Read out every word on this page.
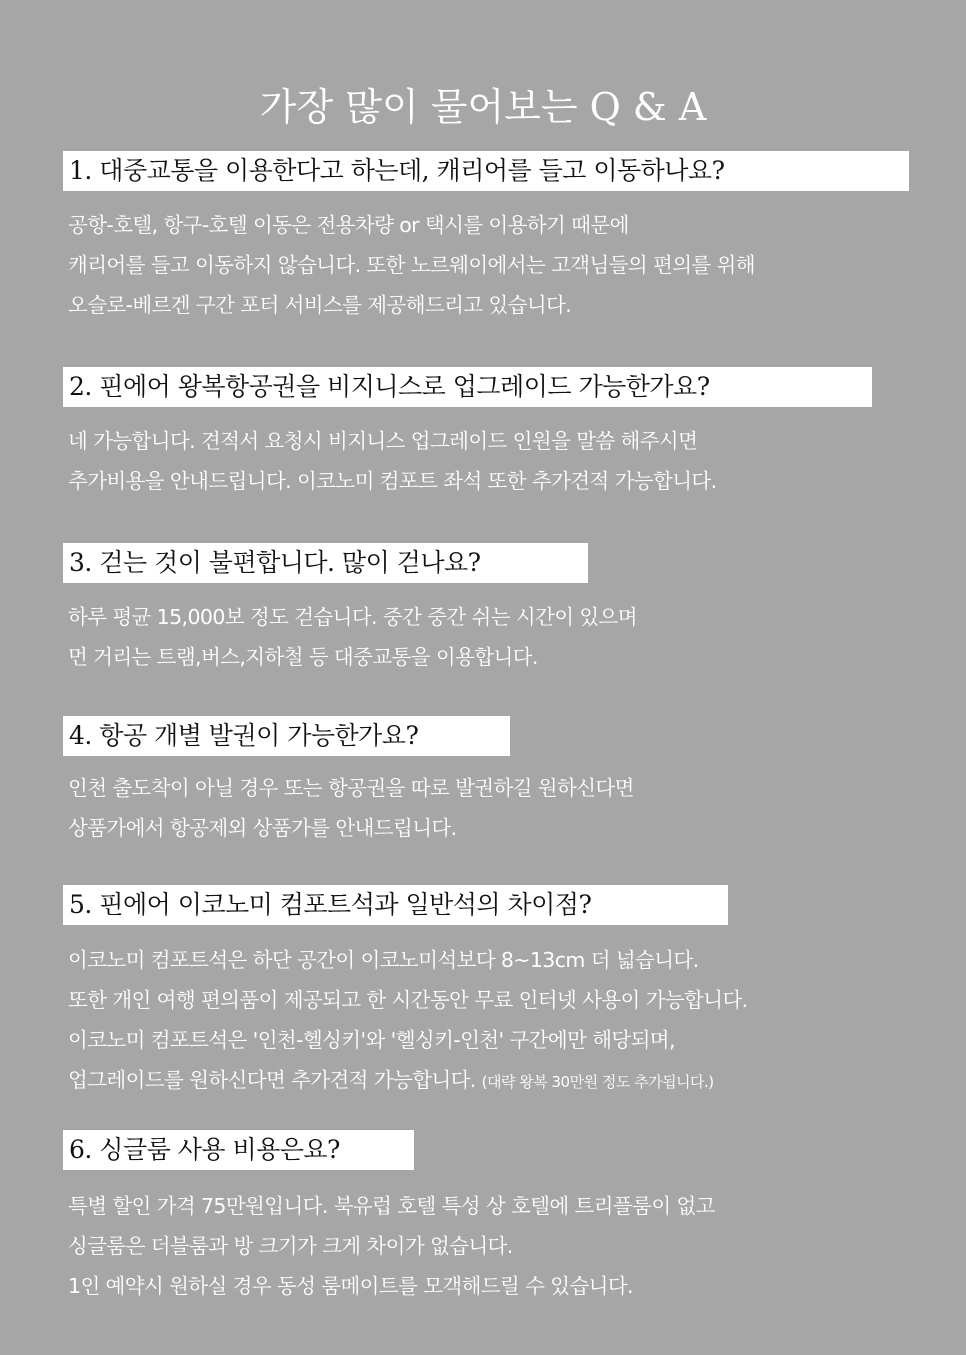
가장 많이 물어보는 Q & A
1. 대중교통을 이용한다고 하는데, 캐리어를 들고 이동하나요?
공항-호텔, 항구-호텔 이동은 전용차량 or 택시를 이용하기 때문에
캐리어를 들고 이동하지 않습니다. 또한 노르웨이에서는 고객님들의 편의를 위해
오슬로-베르겐 구간 포터 서비스를 제공해드리고 있습니다.
2. 핀에어 왕복항공권을 비지니스로 업그레이드 가능한가요?
네 가능합니다. 견적서 요청시 비지니스 업그레이드 인원을 말씀 해주시면
추가비용을 안내드립니다. 이코노미 컴포트 좌석 또한 추가견적 가능합니다.
3. 걷는 것이 불편합니다. 많이 걷나요?
하루 평균 15,000보 정도 걷습니다. 중간 중간 쉬는 시간이 있으며
먼 거리는 트램,버스,지하철 등 대중교통을 이용합니다.
4. 항공 개별 발권이 가능한가요?
인천 출도착이 아닐 경우 또는 항공권을 따로 발권하길 원하신다면
상품가에서 항공제외 상품가를 안내드립니다.
5. 핀에어 이코노미 컴포트석과 일반석의 차이점?
이코노미 컴포트석은 하단 공간이 이코노미석보다 8~13cm 더 넓습니다.
또한 개인 여행 편의품이 제공되고 한 시간동안 무료 인터넷 사용이 가능합니다.
이코노미 컴포트석은 '인천-헬싱키'와 '헬싱키-인천' 구간에만 해당되며,
업그레이드를 원하신다면 추가견적 가능합니다. (대략 왕복 30만원 정도 추가됩니다.)
6. 싱글룸 사용 비용은요?
특별 할인 가격 75만원입니다. 북유럽 호텔 특성 상 호텔에 트리플룸이 없고
싱글룸은 더블룸과 방 크기가 크게 차이가 없습니다.
1인 예약시 원하실 경우 동성 룸메이트를 모객해드릴 수 있습니다.
